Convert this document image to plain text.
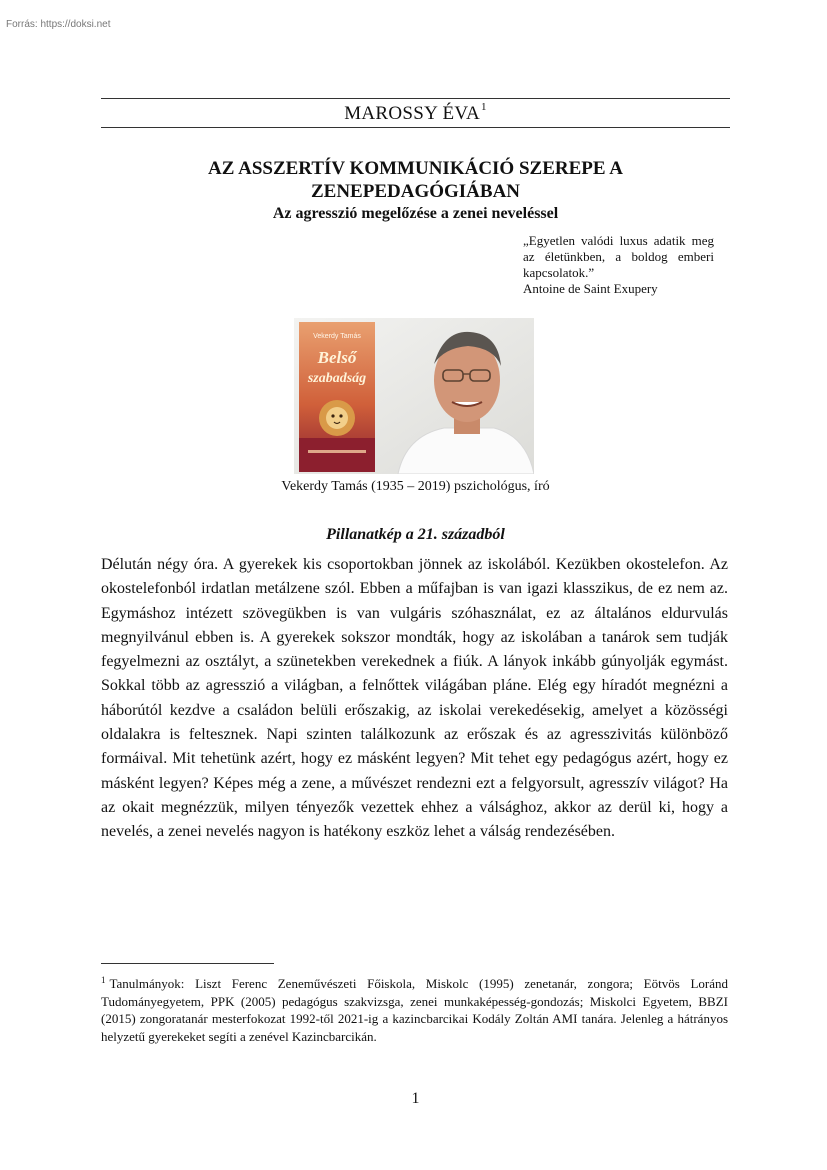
Forrás: https://doksi.net
MAROSSY ÉVA$^1$
AZ ASSZERTÍV KOMMUNIKÁCIÓ SZEREPE A
ZENEPEDAGÓGIÁBAN
Az agresszió megelőzése a zenei neveléssel
„Egyetlen valódi luxus adatik meg az életünkben, a boldog emberi kapcsolatok.”
Antoine de Saint Exupery
Vekerdy Tamás
Belső
szabadság
Vekerdy Tamás (1935 – 2019) pszichológus, író
Pillanatkép a 21. századból

Délután négy óra. A gyerekek kis csoportokban jönnek az iskolából. Kezükben okostelefon. Az okostelefonból irdatlan metálzene szól. Ebben a műfajban is van igazi klasszikus, de ez nem az. Egymáshoz intézett szövegükben is van vulgáris szóhasználat, ez az általános eldurvulás megnyilvánul ebben is. A gyerekek sokszor mondták, hogy az iskolában a tanárok sem tudják fegyelmezni az osztályt, a szünetekben verekednek a fiúk. A lányok inkább gúnyolják egymást. Sokkal több az agresszió a világban, a felnőttek világában pláne. Elég egy híradót megnézni a háborútól kezdve a családon belüli erőszakig, az iskolai verekedésekig, amelyet a közösségi oldalakra is feltesznek. Napi szinten találkozunk az erőszak és az agresszivitás különböző formáival. Mit tehetünk azért, hogy ez másként legyen? Mit tehet egy pedagógus azért, hogy ez másként legyen? Képes még a zene, a művészet rendezni ezt a felgyorsult, agresszív világot? Ha az okait megnézzük, milyen tényezők vezettek ehhez a válsághoz, akkor az derül ki, hogy a nevelés, a zenei nevelés nagyon is hatékony eszköz lehet a válság rendezésében.

$^1$ Tanulmányok: Liszt Ferenc Zeneművészeti Főiskola, Miskolc (1995) zenetanár, zongora; Eötvös Loránd Tudományegyetem, PPK (2005) pedagógus szakvizsga, zenei munkaképesség-gondozás; Miskolci Egyetem, BBZI (2015) zongoratanár mesterfokozat 1992-től 2021-ig a kazincbarcikai Kodály Zoltán AMI tanára. Jelenleg a hátrányos helyzetű gyerekeket segíti a zenével Kazincbarcikán.

1
